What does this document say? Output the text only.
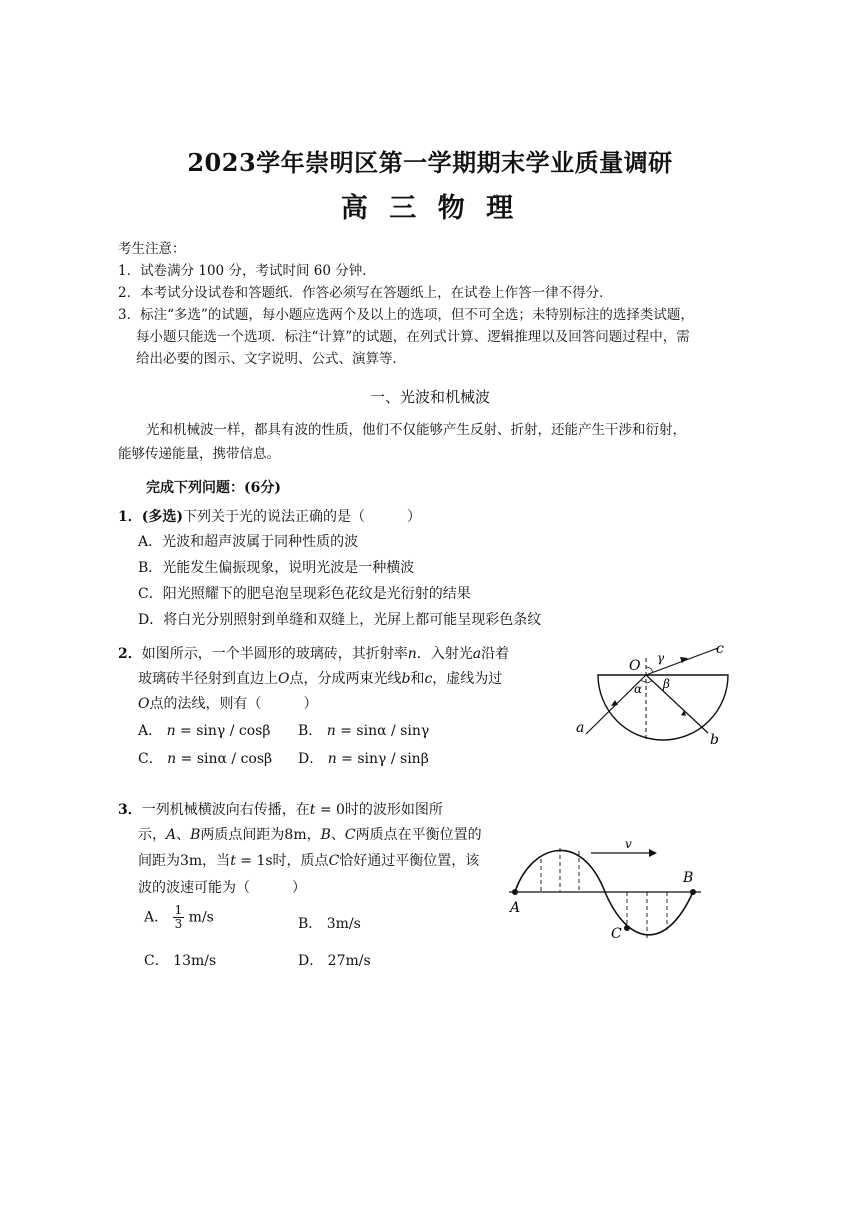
2023学年崇明区第一学期期末学业质量调研
高 三 物 理
考生注意：
1．试卷满分 100 分，考试时间 60 分钟．
2．本考试分设试卷和答题纸．作答必须写在答题纸上，在试卷上作答一律不得分．
3．标注“多选”的试题，每小题应选两个及以上的选项，但不可全选；未特别标注的选择类试题，
每小题只能选一个选项．标注“计算”的试题，在列式计算、逻辑推理以及回答问题过程中，需
给出必要的图示、文字说明、公式、演算等．
一、光波和机械波
光和机械波一样，都具有波的性质，他们不仅能够产生反射、折射，还能产生干涉和衍射，
能够传递能量，携带信息。
完成下列问题：(6分)
1．(多选)下列关于光的说法正确的是（　　　）
A．光波和超声波属于同种性质的波
B．光能发生偏振现象，说明光波是一种横波
C．阳光照耀下的肥皂泡呈现彩色花纹是光衍射的结果
D．将白光分别照射到单缝和双缝上，光屏上都可能呈现彩色条纹
2．如图所示，一个半圆形的玻璃砖，其折射率n．入射光a沿着
玻璃砖半径射到直边上O点，分成两束光线b和c，虚线为过
O点的法线，则有（　　　）
A． n = sinγ / cosβ B． n = sinα / sinγ
C． n = sinα / cosβ D． n = sinγ / sinβ
O γ
α β
a
b
c
3．一列机械横波向右传播，在t = 0时的波形如图所
示，A、B两质点间距为8m，B、C两质点在平衡位置的
间距为3m，当t = 1s时，质点C恰好通过平衡位置，该
波的波速可能为（　　　）
A． $\frac{1}{3} m/s$	B． 3m/s
C． 13m/s	D． 27m/s
v
A
B
C
